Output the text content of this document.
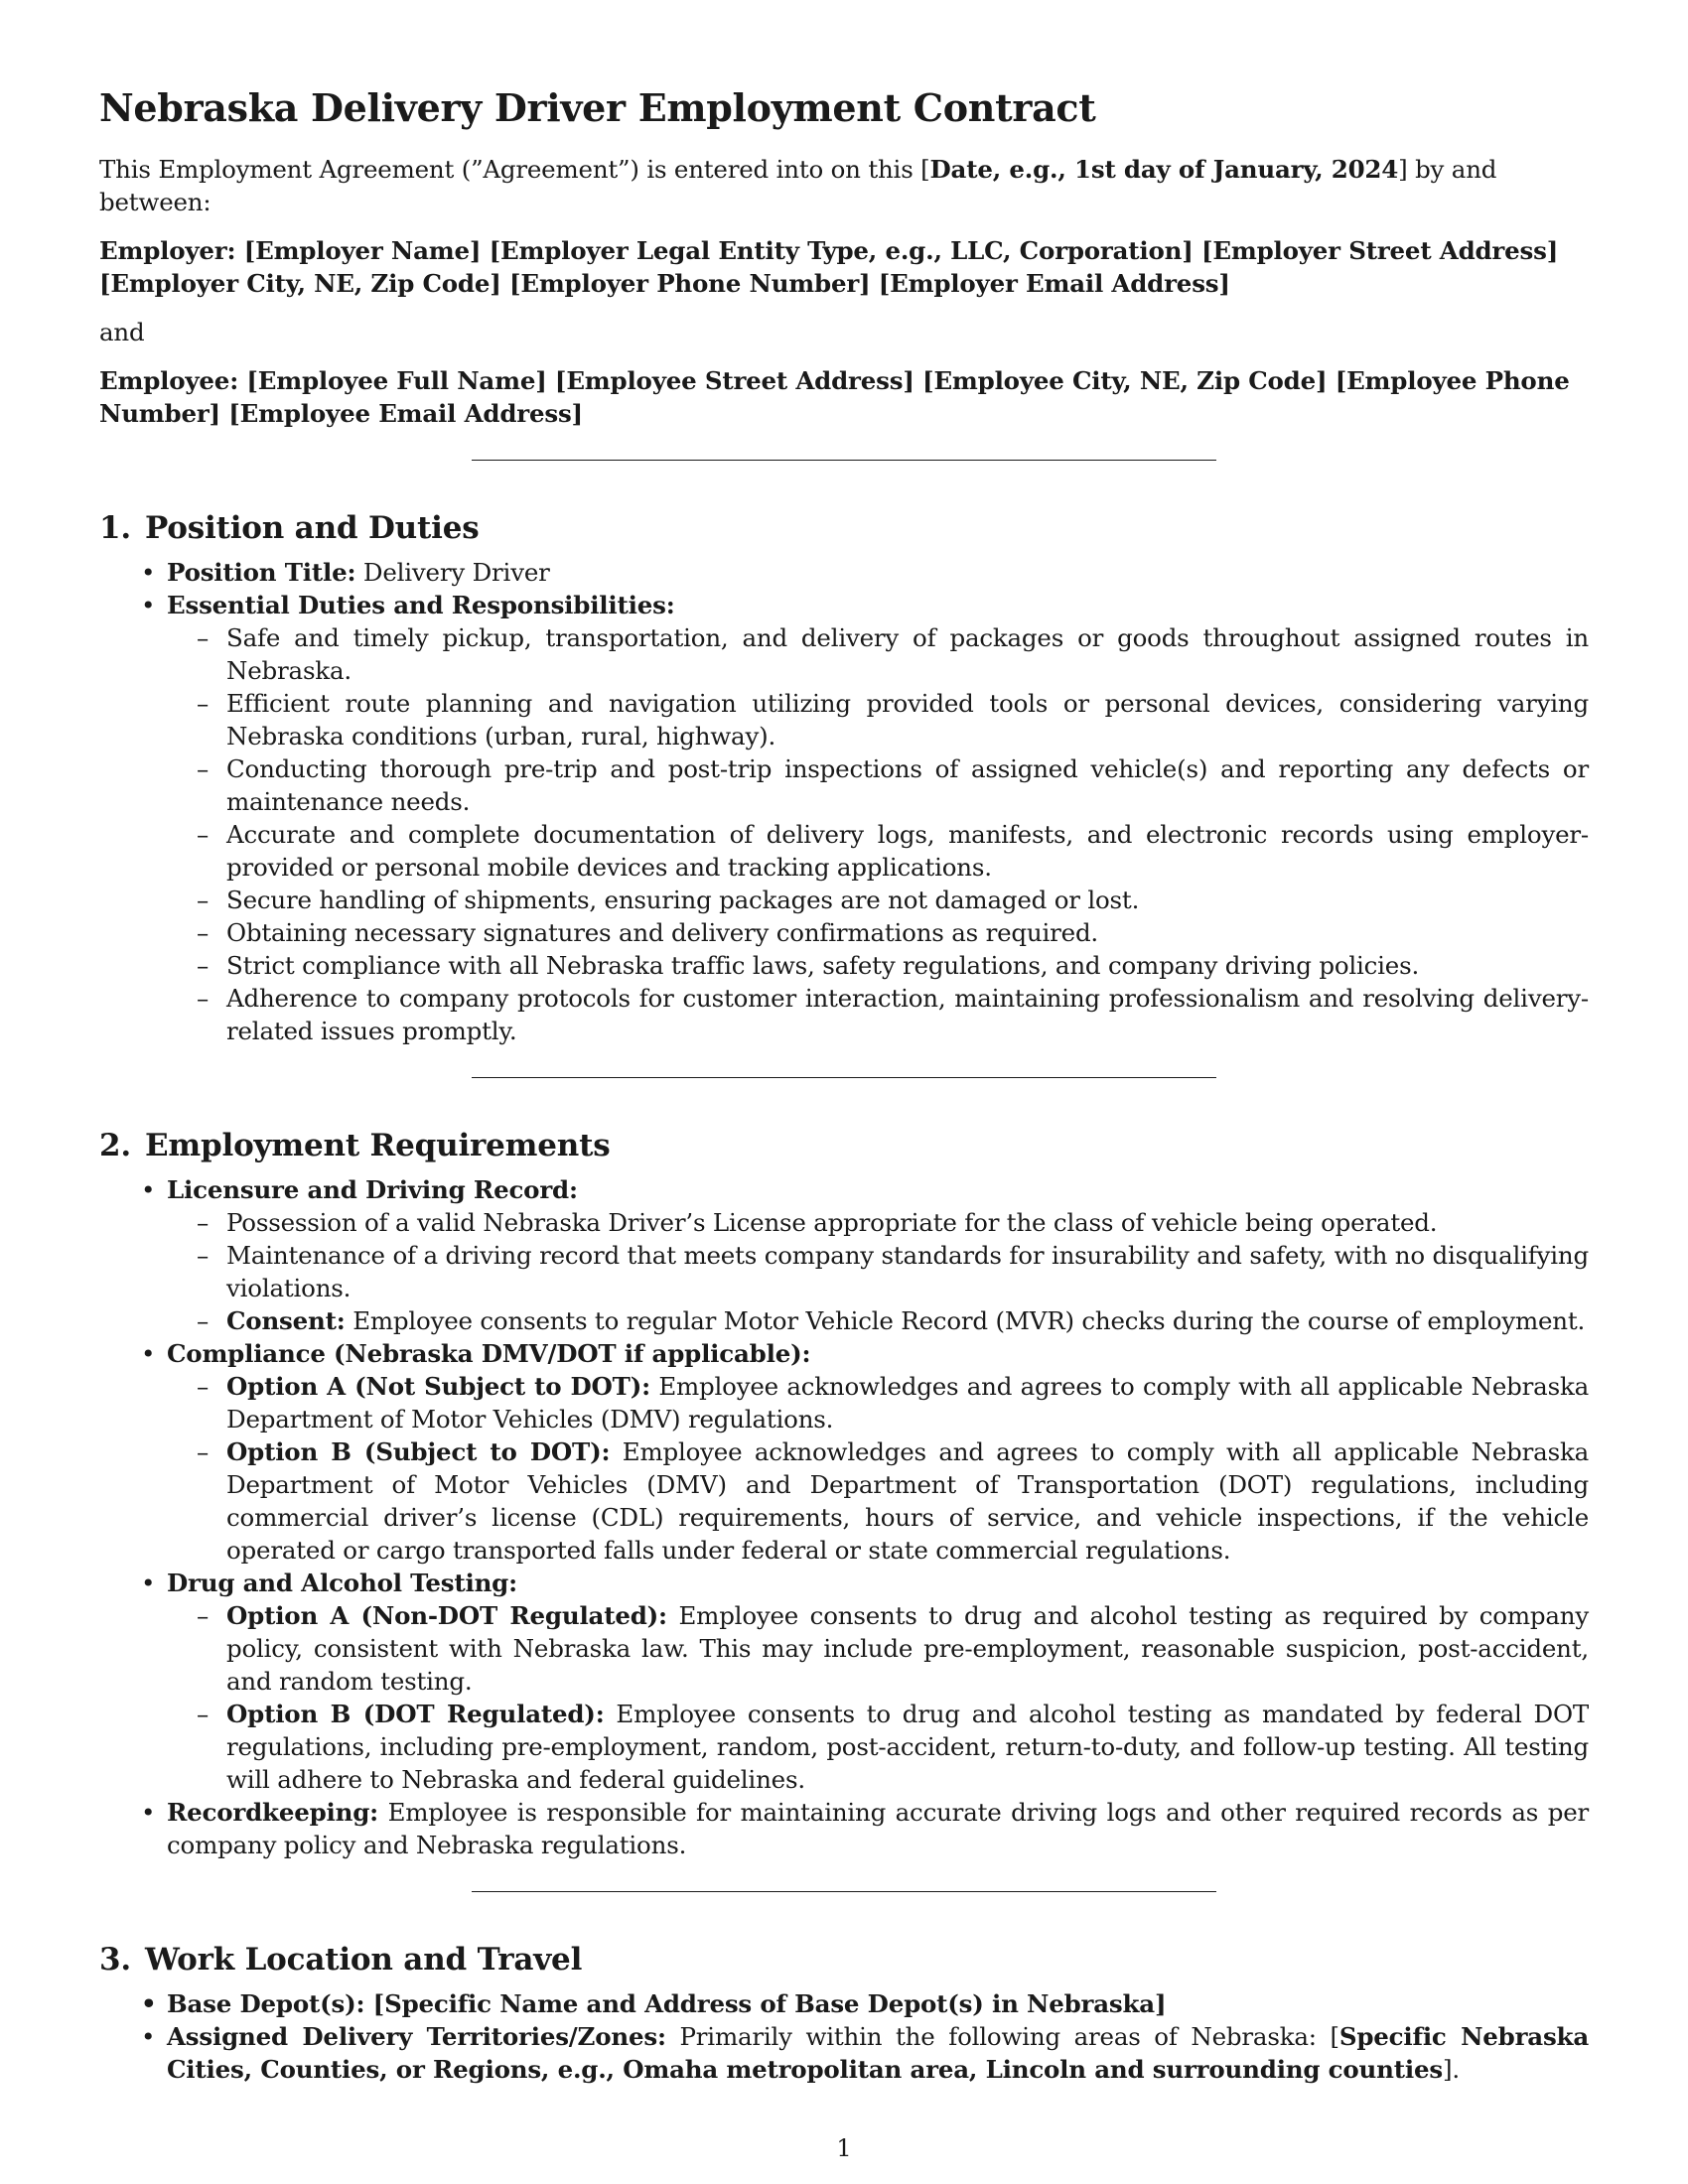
Nebraska Delivery Driver Employment Contract

This Employment Agreement (”Agreement”) is entered into on this [Date, e.g., 1st day of January, 2024] by and between:

Employer: [Employer Name] [Employer Legal Entity Type, e.g., LLC, Corporation] [Employer Street Address] [Employer City, NE, Zip Code] [Employer Phone Number] [Employer Email Address]

and

Employee: [Employee Full Name] [Employee Street Address] [Employee City, NE, Zip Code] [Employee Phone Number] [Employee Email Address]

1. Position and Duties
• Position Title: Delivery Driver
• Essential Duties and Responsibilities:
– Safe and timely pickup, transportation, and delivery of packages or goods throughout assigned routes in Nebraska.
– Efficient route planning and navigation utilizing provided tools or personal devices, considering varying Nebraska conditions (urban, rural, highway).
– Conducting thorough pre-trip and post-trip inspections of assigned vehicle(s) and reporting any defects or maintenance needs.
– Accurate and complete documentation of delivery logs, manifests, and electronic records using employer-provided or personal mobile devices and tracking applications.
– Secure handling of shipments, ensuring packages are not damaged or lost.
– Obtaining necessary signatures and delivery confirmations as required.
– Strict compliance with all Nebraska traffic laws, safety regulations, and company driving policies.
– Adherence to company protocols for customer interaction, maintaining professionalism and resolving delivery-related issues promptly.
2. Employment Requirements
• Licensure and Driving Record:
– Possession of a valid Nebraska Driver’s License appropriate for the class of vehicle being operated.
– Maintenance of a driving record that meets company standards for insurability and safety, with no disqualifying violations.
– Consent: Employee consents to regular Motor Vehicle Record (MVR) checks during the course of employment.
• Compliance (Nebraska DMV/DOT if applicable):
– Option A (Not Subject to DOT): Employee acknowledges and agrees to comply with all applicable Nebraska Department of Motor Vehicles (DMV) regulations.
– Option B (Subject to DOT): Employee acknowledges and agrees to comply with all applicable Nebraska Department of Motor Vehicles (DMV) and Department of Transportation (DOT) regulations, including commercial driver’s license (CDL) requirements, hours of service, and vehicle inspections, if the vehicle operated or cargo transported falls under federal or state commercial regulations.
• Drug and Alcohol Testing:
– Option A (Non-DOT Regulated): Employee consents to drug and alcohol testing as required by company policy, consistent with Nebraska law. This may include pre-employment, reasonable suspicion, post-accident, and random testing.
– Option B (DOT Regulated): Employee consents to drug and alcohol testing as mandated by federal DOT regulations, including pre-employment, random, post-accident, return-to-duty, and follow-up testing. All testing will adhere to Nebraska and federal guidelines.
• Recordkeeping: Employee is responsible for maintaining accurate driving logs and other required records as per company policy and Nebraska regulations.
3. Work Location and Travel
• Base Depot(s): [Specific Name and Address of Base Depot(s) in Nebraska]
• Assigned Delivery Territories/Zones: Primarily within the following areas of Nebraska: [Specific Nebraska Cities, Counties, or Regions, e.g., Omaha metropolitan area, Lincoln and surrounding counties].
1
